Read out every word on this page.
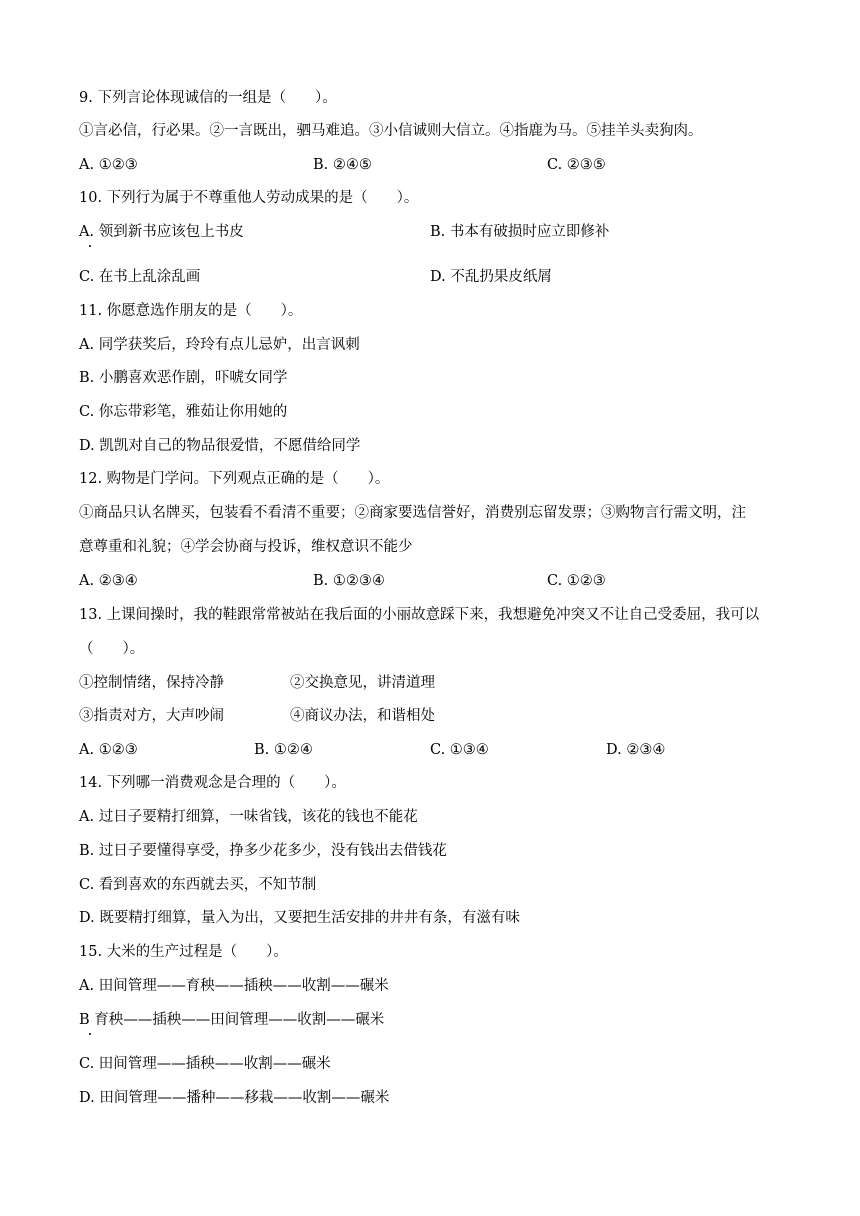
9. 下列言论体现诚信的一组是（　　）。
①言必信，行必果。②一言既出，驷马难追。③小信诚则大信立。④指鹿为马。⑤挂羊头卖狗肉。
A. ①②③	B. ②④⑤	C. ②③⑤
10. 下列行为属于不尊重他人劳动成果的是（　　）。
A. 领到新书应该包上书皮	B. 书本有破损时应立即修补
C. 在书上乱涂乱画	D. 不乱扔果皮纸屑
11. 你愿意选作朋友的是（　　）。
A. 同学获奖后，玲玲有点儿忌妒，出言讽刺
B. 小鹏喜欢恶作剧，吓唬女同学
C. 你忘带彩笔，雅茹让你用她的
D. 凯凯对自己的物品很爱惜，不愿借给同学
12. 购物是门学问。下列观点正确的是（　　）。
①商品只认名牌买，包装看不看清不重要；②商家要选信誉好，消费别忘留发票；③购物言行需文明，注
意尊重和礼貌；④学会协商与投诉，维权意识不能少
A. ②③④	B. ①②③④	C. ①②③
13. 上课间操时，我的鞋跟常常被站在我后面的小丽故意踩下来，我想避免冲突又不让自己受委屈，我可以
（　　）。
①控制情绪，保持冷静	②交换意见，讲清道理
③指责对方，大声吵闹	④商议办法，和谐相处
A. ①②③	B. ①②④	C. ①③④	D. ②③④
14. 下列哪一消费观念是合理的（　　）。
A. 过日子要精打细算，一味省钱，该花的钱也不能花
B. 过日子要懂得享受，挣多少花多少，没有钱出去借钱花
C. 看到喜欢的东西就去买，不知节制
D. 既要精打细算，量入为出，又要把生活安排的井井有条，有滋有味
15. 大米的生产过程是（　　）。
A. 田间管理——育秧——插秧——收割——碾米
B 育秧——插秧——田间管理——收割——碾米
C. 田间管理——插秧——收割——碾米
D. 田间管理——播种——移栽——收割——碾米
